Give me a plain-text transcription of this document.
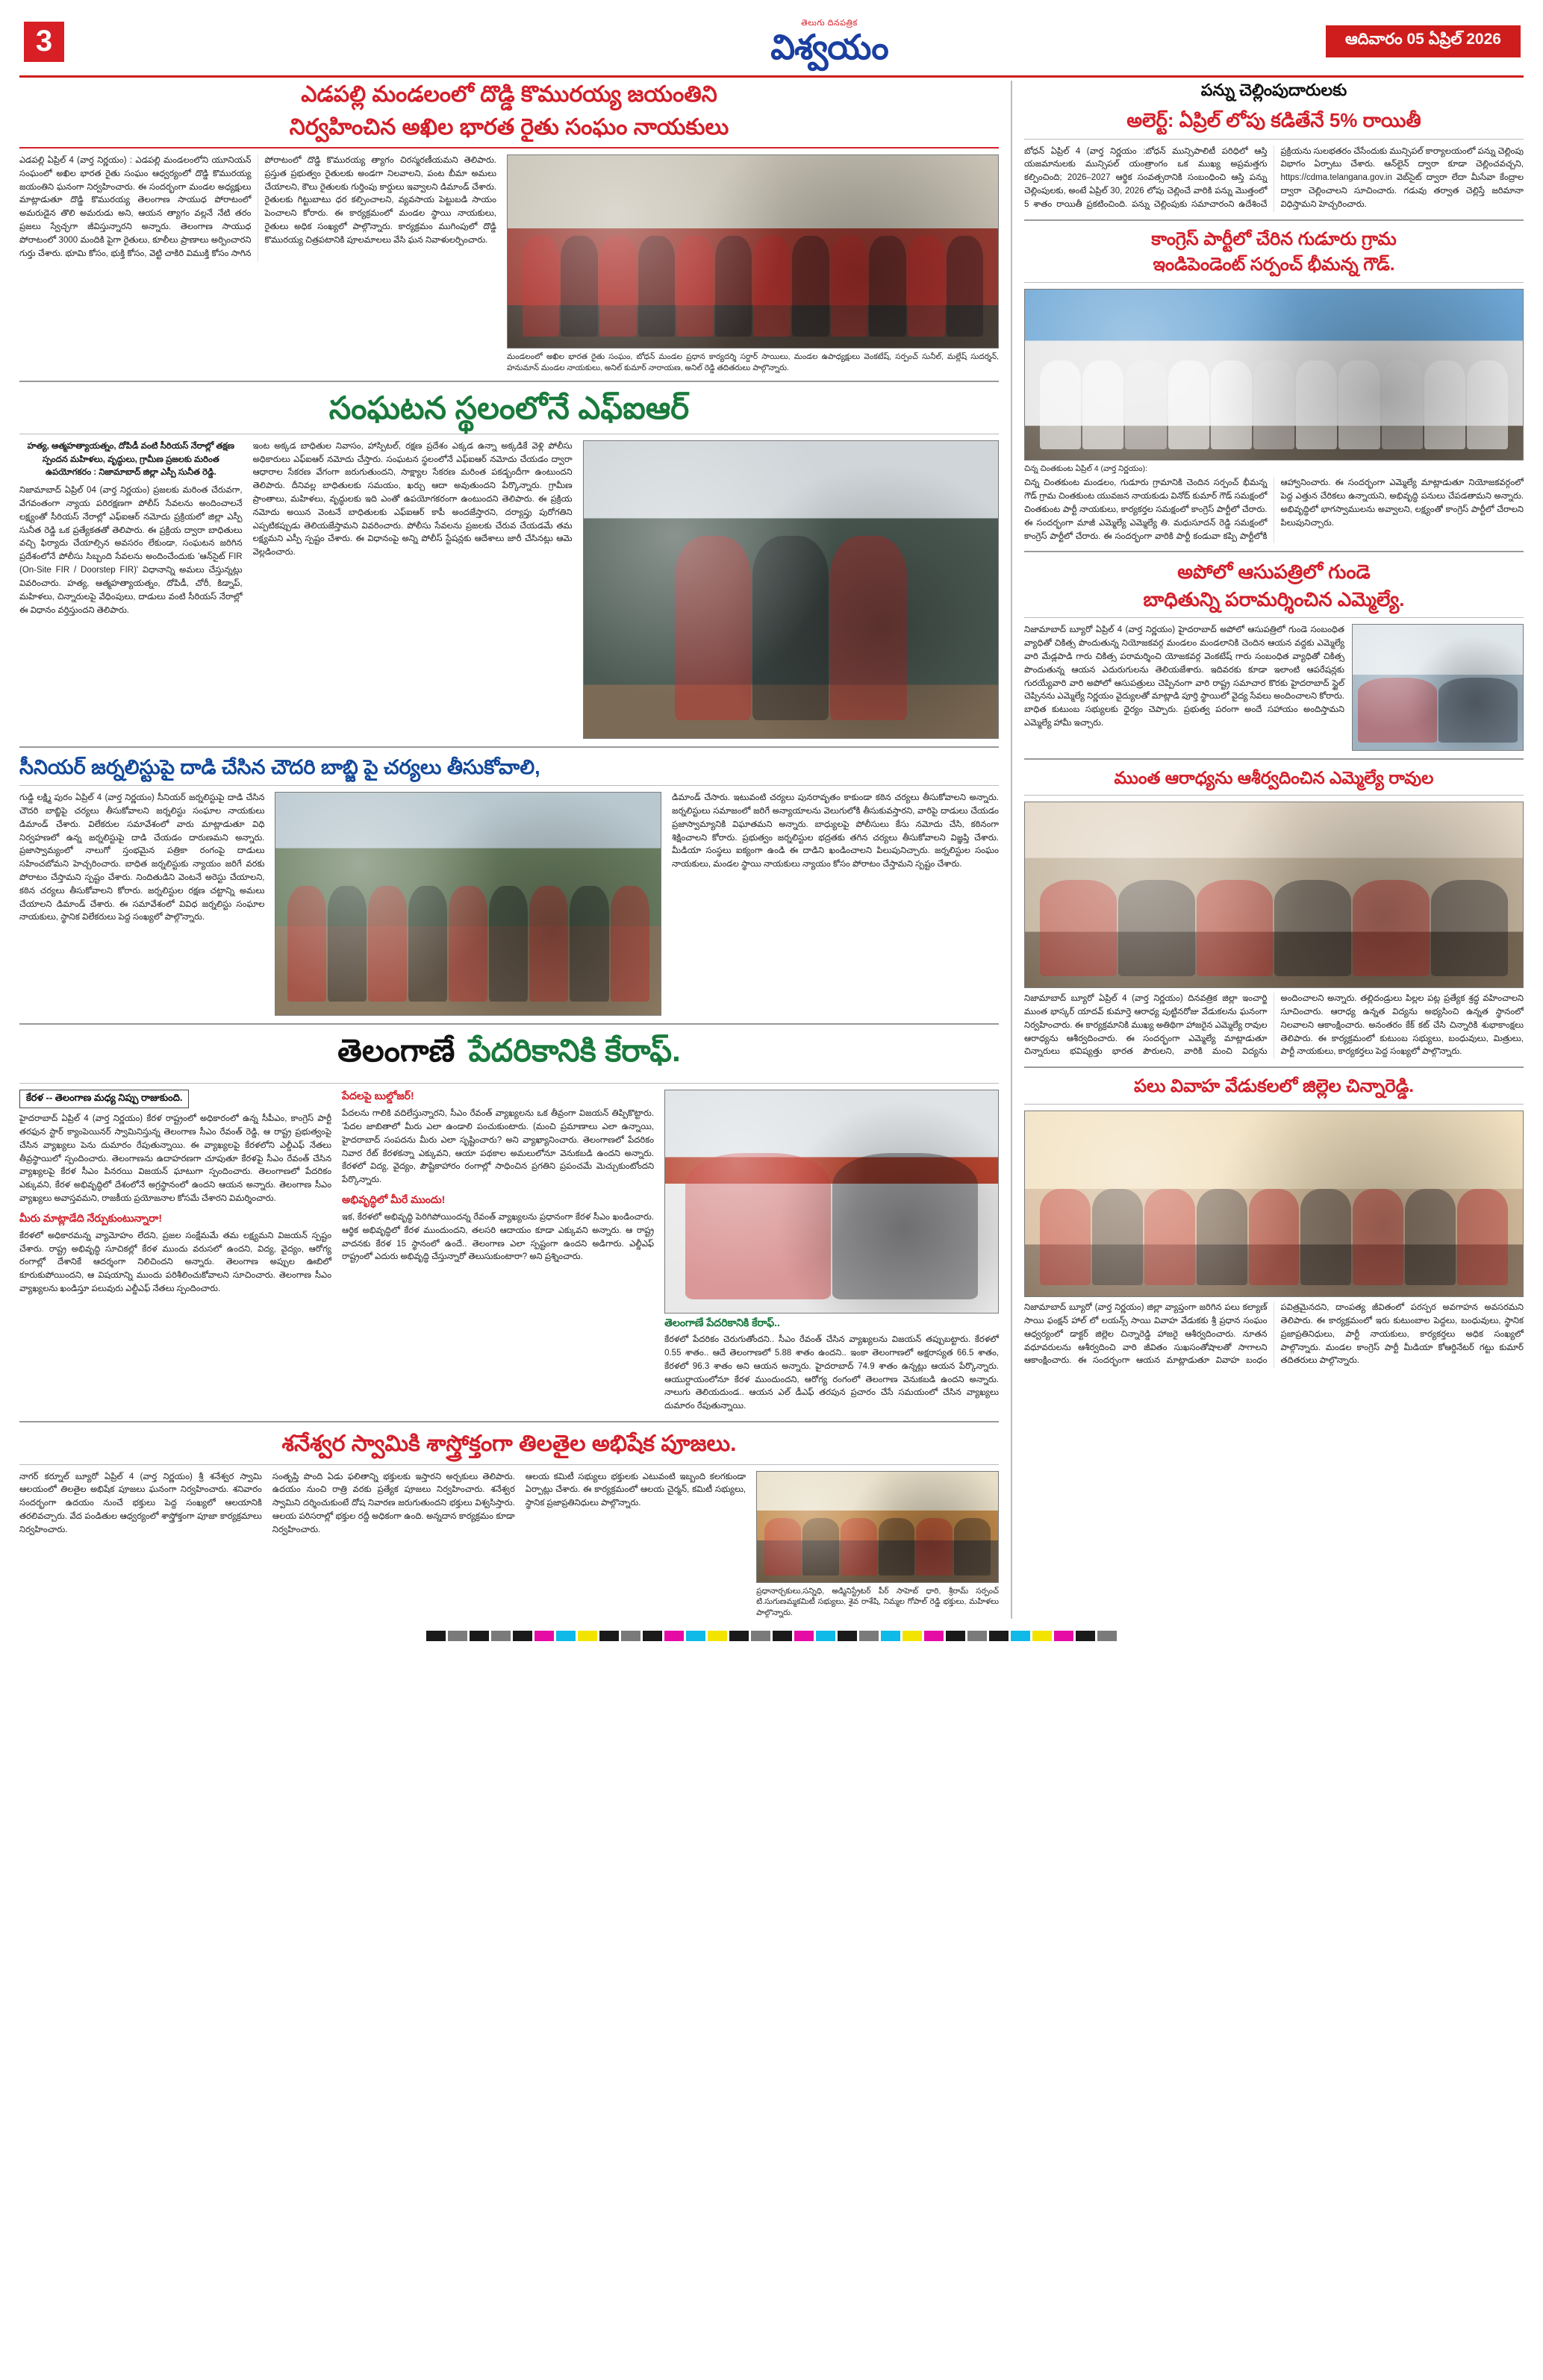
3
తెలుగు దినపత్రిక
విశ్వయం	ఆదివారం 05 ఏప్రిల్ 2026
ఎడపల్లి మండలంలో దొడ్డి కొమురయ్య జయంతిని
నిర్వహించిన అఖిల భారత రైతు సంఘం నాయకులు
ఎడపల్లి ఏప్రిల్ 4 (వార్త నిర్ణయం) : ఎడపల్లి మండలంలోని యూనియన్ సంఘంలో అఖిల భారత రైతు సంఘం ఆధ్వర్యంలో దొడ్డి కొమురయ్య జయంతిని ఘనంగా నిర్వహించారు. ఈ సందర్భంగా మండల అధ్యక్షులు మాట్లాడుతూ దొడ్డి కొమురయ్య తెలంగాణ సాయుధ పోరాటంలో అమరుడైన తొలి అమరుడు అని, ఆయన త్యాగం వల్లనే నేటి తరం ప్రజలు స్వేచ్ఛగా జీవిస్తున్నారని అన్నారు. తెలంగాణ సాయుధ పోరాటంలో 3000 మందికి పైగా రైతులు, కూలీలు ప్రాణాలు అర్పించారని గుర్తు చేశారు. భూమి కోసం, భుక్తి కోసం, వెట్టి చాకిరి విముక్తి కోసం సాగిన పోరాటంలో దొడ్డి కొమురయ్య త్యాగం చిరస్మరణీయమని తెలిపారు. ప్రస్తుత ప్రభుత్వం రైతులకు అండగా నిలవాలని, పంట బీమా అమలు చేయాలని, కౌలు రైతులకు గుర్తింపు కార్డులు ఇవ్వాలని డిమాండ్ చేశారు. రైతులకు గిట్టుబాటు ధర కల్పించాలని, వ్యవసాయ పెట్టుబడి సాయం పెంచాలని కోరారు. ఈ కార్యక్రమంలో మండల స్థాయి నాయకులు, రైతులు అధిక సంఖ్యలో పాల్గొన్నారు. కార్యక్రమం ముగింపులో దొడ్డి కొమురయ్య చిత్రపటానికి పూలమాలలు వేసి ఘన నివాళులర్పించారు.
మండలంలో అఖిల భారత రైతు సంఘం, బోధన్ మండల ప్రధాన కార్యదర్శి సర్దార్ సాయిలు, మండల ఉపాధ్యక్షులు వెంకటేష్, సర్పంచ్ సునీల్, మల్లేష్ సుదర్శన్, హనుమాన్ మండల నాయకులు, అనిల్ కుమార్ నారాయణ, అనిల్ రెడ్డి తదితరులు పాల్గొన్నారు.
సంఘటన స్థలంలోనే ఎఫ్ఐఆర్
హత్య, ఆత్మహత్యాయత్నం, దోపిడీ వంటి సీరియస్ నేరాల్లో తక్షణ స్పందన మహిళలు, వృద్ధులు, గ్రామీణ ప్రజలకు మరింత ఉపయోగకరం : నిజామాబాద్ జిల్లా ఎస్పీ సునీత రెడ్డి.
నిజామాబాద్ ఏప్రిల్ 04 (వార్త నిర్ణయం) ప్రజలకు మరింత చేరువగా, వేగవంతంగా న్యాయ పరిరక్షణగా పోలీస్ సేవలను అందించాలనే లక్ష్యంతో సీరియస్ నేరాల్లో ఎఫ్ఐఆర్ నమోదు ప్రక్రియలో జిల్లా ఎస్పీ సునీత రెడ్డి ఒక ప్రత్యేకతతో తెలిపారు. ఈ ప్రక్రియ ద్వారా బాధితులు వచ్చి ఫిర్యాదు చేయాల్సిన అవసరం లేకుండా, సంఘటన జరిగిన ప్రదేశంలోనే పోలీసు సిబ్బంది సేవలను అందించేందుకు 'ఆన్‌సైట్ FIR (On-Site FIR / Doorstep FIR)' విధానాన్ని అమలు చేస్తున్నట్లు వివరించారు. హత్య, ఆత్మహత్యాయత్నం, దోపిడీ, చోరీ, కిడ్నాప్, మహిళలు, చిన్నారులపై వేధింపులు, దాడులు వంటి సీరియస్ నేరాల్లో ఈ విధానం వర్తిస్తుందని తెలిపారు.
ఇంట అక్కడ బాధితుల నివాసం, హాస్పిటల్, రక్షణ ప్రదేశం ఎక్కడ ఉన్నా అక్కడికే వెళ్లి పోలీసు అధికారులు ఎఫ్ఐఆర్ నమోదు చేస్తారు. సంఘటన స్థలంలోనే ఎఫ్ఐఆర్ నమోదు చేయడం ద్వారా ఆధారాల సేకరణ వేగంగా జరుగుతుందని, సాక్ష్యాల సేకరణ మరింత పకడ్బందీగా ఉంటుందని తెలిపారు. దీనివల్ల బాధితులకు సమయం, ఖర్చు ఆదా అవుతుందని పేర్కొన్నారు. గ్రామీణ ప్రాంతాలు, మహిళలు, వృద్ధులకు ఇది ఎంతో ఉపయోగకరంగా ఉంటుందని తెలిపారు. ఈ ప్రక్రియ నమోదు అయిన వెంటనే బాధితులకు ఎఫ్ఐఆర్ కాపీ అందజేస్తారని, దర్యాప్తు పురోగతిని ఎప్పటికప్పుడు తెలియజేస్తామని వివరించారు. పోలీసు సేవలను ప్రజలకు చేరువ చేయడమే తమ లక్ష్యమని ఎస్పీ స్పష్టం చేశారు. ఈ విధానంపై అన్ని పోలీస్ స్టేషన్లకు ఆదేశాలు జారీ చేసినట్లు ఆమె వెల్లడించారు.
సీనియర్ జర్నలిస్టుపై దాడి చేసిన చౌదరి బాబ్జి పై చర్యలు తీసుకోవాలి,
గుడ్డి లక్ష్మి పురం ఏప్రిల్ 4 (వార్త నిర్ణయం) సీనియర్ జర్నలిస్టుపై దాడి చేసిన చౌదరి బాబ్జిపై చర్యలు తీసుకోవాలని జర్నలిస్టు సంఘాల నాయకులు డిమాండ్ చేశారు. విలేకరుల సమావేశంలో వారు మాట్లాడుతూ విధి నిర్వహణలో ఉన్న జర్నలిస్టుపై దాడి చేయడం దారుణమని అన్నారు. ప్రజాస్వామ్యంలో నాలుగో స్తంభమైన పత్రికా రంగంపై దాడులు సహించబోమని హెచ్చరించారు. బాధిత జర్నలిస్టుకు న్యాయం జరిగే వరకు పోరాటం చేస్తామని స్పష్టం చేశారు. నిందితుడిని వెంటనే అరెస్టు చేయాలని, కఠిన చర్యలు తీసుకోవాలని కోరారు. జర్నలిస్టుల రక్షణ చట్టాన్ని అమలు చేయాలని డిమాండ్ చేశారు. ఈ సమావేశంలో వివిధ జర్నలిస్టు సంఘాల నాయకులు, స్థానిక విలేకరులు పెద్ద సంఖ్యలో పాల్గొన్నారు.
డిమాండ్ చేసారు. ఇటువంటి చర్యలు పునరావృతం కాకుండా కఠిన చర్యలు తీసుకోవాలని అన్నారు. జర్నలిస్టులు సమాజంలో జరిగే అన్యాయాలను వెలుగులోకి తీసుకువస్తారని, వారిపై దాడులు చేయడం ప్రజాస్వామ్యానికి విఘాతమని అన్నారు. బాధ్యులపై పోలీసులు కేసు నమోదు చేసి, కఠినంగా శిక్షించాలని కోరారు. ప్రభుత్వం జర్నలిస్టుల భద్రతకు తగిన చర్యలు తీసుకోవాలని విజ్ఞప్తి చేశారు. మీడియా సంస్థలు ఐక్యంగా ఉండి ఈ దాడిని ఖండించాలని పిలుపునిచ్చారు. జర్నలిస్టుల సంఘం నాయకులు, మండల స్థాయి నాయకులు న్యాయం కోసం పోరాటం చేస్తామని స్పష్టం చేశారు.
తెలంగాణే పేదరికానికి కేరాఫ్.
కేరళ -- తెలంగాణ మధ్య నిప్పు రాజుకుంది.
హైదరాబాద్ ఏప్రిల్ 4 (వార్త నిర్ణయం) కేరళ రాష్ట్రంలో అధికారంలో ఉన్న సీపీఎం, కాంగ్రెస్ పార్టీ తరఫున స్టార్ క్యాంపెయినర్ స్వామినిస్తున్న తెలంగాణ సీఎం రేవంత్ రెడ్డి, ఆ రాష్ట్ర ప్రభుత్వంపై చేసిన వ్యాఖ్యలు పెను దుమారం రేపుతున్నాయి. ఈ వ్యాఖ్యలపై కేరళలోని ఎల్డీఎఫ్ నేతలు తీవ్రస్థాయిలో స్పందించారు. తెలంగాణను ఉదాహరణగా చూపుతూ కేరళపై సీఎం రేవంత్ చేసిన వ్యాఖ్యలపై కేరళ సీఎం పినరయి విజయన్ ఘాటుగా స్పందించారు. తెలంగాణలో పేదరికం ఎక్కువని, కేరళ అభివృద్ధిలో దేశంలోనే అగ్రస్థానంలో ఉందని ఆయన అన్నారు. తెలంగాణ సీఎం వ్యాఖ్యలు అవాస్తవమని, రాజకీయ ప్రయోజనాల కోసమే చేశారని విమర్శించారు.
మీరు మాట్లాడేది నేర్పుకుంటున్నారా!
కేరళలో అధికారమన్న వ్యామోహం లేదని, ప్రజల సంక్షేమమే తమ లక్ష్యమని విజయన్ స్పష్టం చేశారు. రాష్ట్ర అభివృద్ధి సూచికల్లో కేరళ ముందు వరుసలో ఉందని, విద్య, వైద్యం, ఆరోగ్య రంగాల్లో దేశానికే ఆదర్శంగా నిలిచిందని అన్నారు. తెలంగాణ అప్పుల ఊబిలో కూరుకుపోయిందని, ఆ విషయాన్ని ముందు పరిశీలించుకోవాలని సూచించారు. తెలంగాణ సీఎం వ్యాఖ్యలను ఖండిస్తూ పలువురు ఎల్డీఎఫ్ నేతలు స్పందించారు.
పేదలపై బుల్డోజర్!
పేదలను గాలికి వదిలేస్తున్నారని, సీఎం రేవంత్ వ్యాఖ్యలను ఒక తీవ్రంగా విజయన్ తిప్పికొట్టారు. 'పేదల జాబితాలో మీరు ఎలా ఉండాలి పంచుకుంటారు. (మంచి ప్రమాణాలు ఎలా ఉన్నాయి, హైదరాబాద్ సంపదను మీరు ఎలా సృష్టించారు? అని వ్యాఖ్యానించారు. తెలంగాణలో పేదరికం నివార రేట్ కేరళకన్నా ఎక్కువని, ఆయా పథకాల అమలులోనూ వెనుకబడి ఉందని అన్నారు. కేరళలో విద్య, వైద్యం, పౌష్టికాహారం రంగాల్లో సాధించిన ప్రగతిని ప్రపంచమే మెచ్చుకుంటోందని పేర్కొన్నారు.
అభివృద్ధిలో మీరే ముందు!
ఇక, కేరళలో అభివృద్ధి పెరిగిపోయిందన్న రేవంత్ వ్యాఖ్యలను ప్రధానంగా కేరళ సీఎం ఖండించారు. ఆర్థిక అభివృద్ధిలో కేరళ ముందుందని, తలసరి ఆదాయం కూడా ఎక్కువని అన్నారు. ఆ రాష్ట్ర వాదనకు కేరళ 15 స్థానంలో ఉందే.. తెలంగాణ ఎలా స్పష్టంగా ఉందని అడిగారు. ఎల్డీఎఫ్ రాష్ట్రంలో ఎదురు అభివృద్ధి చేస్తున్నారో తెలుసుకుంటారా? అని ప్రశ్నించారు.
తెలంగాణే పేదరికానికి కేరాఫ్..
కేరళలో పేదరికం చెరుగుతోందని.. సీఎం రేవంత్ చేసిన వ్యాఖ్యలను విజయన్ తప్పుబట్టారు. కేరళలో 0.55 శాతం.. ఆదే తెలంగాణలో 5.88 శాతం ఉందని.. ఇంకా తెలంగాణలో అక్షరాస్యత 66.5 శాతం, కేరళలో 96.3 శాతం అని ఆయన అన్నారు. హైదరాబాద్ 74.9 శాతం ఉన్నట్లు ఆయన పేర్కొన్నారు. ఆయుర్దాయంలోనూ కేరళ ముందుందని, ఆరోగ్య రంగంలో తెలంగాణ వెనుకబడి ఉందని అన్నారు. నాలుగు తెలియదుండ.. ఆయన ఎల్ డీఎఫ్ తరపున ప్రచారం చేసే సమయంలో చేసిన వ్యాఖ్యలు దుమారం రేపుతున్నాయి.
శనేశ్వర స్వామికి శాస్త్రోక్తంగా తిలతైల అభిషేక పూజలు.
నాగర్ కర్నూల్ బ్యూరో ఏప్రిల్ 4 (వార్త నిర్ణయం) శ్రీ శనేశ్వర స్వామి ఆలయంలో తిలతైల అభిషేక పూజలు ఘనంగా నిర్వహించారు. శనివారం సందర్భంగా ఉదయం నుంచే భక్తులు పెద్ద సంఖ్యలో ఆలయానికి తరలివచ్చారు. వేద పండితుల ఆధ్వర్యంలో శాస్త్రోక్తంగా పూజా కార్యక్రమాలు నిర్వహించారు.
సంతృప్తి పొంది ఏడు ఫలితాన్ని భక్తులకు ఇస్తారని అర్చకులు తెలిపారు. ఉదయం నుంచి రాత్రి వరకు ప్రత్యేక పూజలు నిర్వహించారు. శనేశ్వర స్వామిని దర్శించుకుంటే దోష నివారణ జరుగుతుందని భక్తులు విశ్వసిస్తారు. ఆలయ పరిసరాల్లో భక్తుల రద్దీ అధికంగా ఉంది. అన్నదాన కార్యక్రమం కూడా నిర్వహించారు.
ఆలయ కమిటీ సభ్యులు భక్తులకు ఎటువంటి ఇబ్బంది కలగకుండా ఏర్పాట్లు చేశారు. ఈ కార్యక్రమంలో ఆలయ చైర్మన్, కమిటీ సభ్యులు, స్థానిక ప్రజాప్రతినిధులు పాల్గొన్నారు.
ప్రధానార్చకులు,సన్నిధి, అడ్మినిస్ట్రేటర్ పీర్ సాహెబ్ ధారి, శ్రీరామ్ సర్పంచ్ టి.సుగుణమ్మకమిటీ సభ్యులు, శైవ రాశేషి, నిమ్మల గోపాల్ రెడ్డి భక్తులు, మహిళలు పాల్గొన్నారు.
పన్ను చెల్లింపుదారులకు
అలెర్ట్: ఏప్రిల్ లోపు కడితేనే 5% రాయితీ
బోధన్ ఏప్రిల్ 4 (వార్త నిర్ణయం :బోధన్ మున్సిపాలిటీ పరిధిలో ఆస్తి యజమానులకు మున్సిపల్ యంత్రాంగం ఒక ముఖ్య అప్రమత్తగు కల్పించింది; 2026–2027 ఆర్థిక సంవత్సరానికి సంబంధించి ఆస్తి పన్ను చెల్లింపులకు, అంటే ఏప్రిల్ 30, 2026 లోపు చెల్లించే వారికి పన్ను మొత్తంలో 5 శాతం రాయితీ ప్రకటించింది. పన్ను చెల్లింపుకు సమాచారంని ఉదేశించే ప్రక్రియను సులభతరం చేసేందుకు మున్సిపల్ కార్యాలయంలో పన్ను చెల్లింపు విభాగం ఏర్పాటు చేశారు. ఆన్‌లైన్ ద్వారా కూడా చెల్లించవచ్చని, https://cdma.telangana.gov.in వెబ్‌సైట్ ద్వారా లేదా మీసేవా కేంద్రాల ద్వారా చెల్లించాలని సూచించారు. గడువు తర్వాత చెల్లిస్తే జరిమానా విధిస్తామని హెచ్చరించారు.
కాంగ్రెస్ పార్టీలో చేరిన గుడూరు గ్రామ
ఇండిపెండెంట్ సర్పంచ్ భీమన్న గౌడ్.
చిన్న చింతకుంట ఏప్రిల్ 4 (వార్త నిర్ణయం):
చిన్న చింతకుంట మండలం, గుడూరు గ్రామానికి చెందిన సర్పంచ్ భీమన్న గౌడ్ గ్రామ చింతకుంట యువజన నాయకుడు వినోద్ కుమార్ గౌడ్ సమక్షంలో చింతకుంట పార్టీ నాయకులు, కార్యకర్తల సమక్షంలో కాంగ్రెస్ పార్టీలో చేరారు. ఈ సందర్భంగా మాజీ ఎమ్మెల్యే ఎమ్మెల్యే తి. మధుసూదన్ రెడ్డి సమక్షంలో కాంగ్రెస్ పార్టీలో చేరారు. ఈ సందర్భంగా వారికి పార్టీ కండువా కప్పి పార్టీలోకి ఆహ్వానించారు. ఈ సందర్భంగా ఎమ్మెల్యే మాట్లాడుతూ నియోజకవర్గంలో పెద్ద ఎత్తున చేరికలు ఉన్నాయని, అభివృద్ధి పనులు చేపడతామని అన్నారు. అభివృద్ధిలో భాగస్వాములను అవ్వాలని, లక్ష్యంతో కాంగ్రెస్ పార్టీలో చేరాలని పిలుపునిచ్చారు.
అపోలో ఆసుపత్రిలో గుండె
బాధితున్ని పరామర్శించిన ఎమ్మెల్యే.
నిజామాబాద్ బ్యూరో ఏప్రిల్ 4 (వార్త నిర్ణయం) హైదరాబాద్ అపోలో ఆసుపత్రిలో గుండె సంబంధిత వ్యాధితో చికిత్స పొందుతున్న నియోజకవర్గ మండలం మండలానికి చెందిన ఆయన వద్దకు ఎమ్మెల్యే వారి మేడ్లపాడి గారు చికిత్స పరామర్శించి యోజకవర్గ వెంకటేష్ గారు సంబంధిత వ్యాధితో చికిత్స పొందుతున్న ఆయన ఎదురుగులను తెలియజేశారు. ఇదివరకు కూడా ఇలాంటి ఆపరేషన్లకు గురయ్యేవారి వారి అపోలో ఆసుపత్రులు చెప్పినంగా వారి రాష్ట్ర సమాచార కొరకు హైదరాబాద్ స్టైల్ చెప్పినను ఎమ్మెల్యే నిర్ణయం వైద్యులతో మాట్లాడి పూర్తి స్థాయిలో వైద్య సేవలు అందించాలని కోరారు. బాధిత కుటుంబ సభ్యులకు ధైర్యం చెప్పారు. ప్రభుత్వ పరంగా అందే సహాయం అందిస్తామని ఎమ్మెల్యే హామీ ఇచ్చారు.
ముంత ఆరాధ్యను ఆశీర్వదించిన ఎమ్మెల్యే రావుల
నిజామాబాద్ బ్యూరో ఏప్రిల్ 4 (వార్త నిర్ణయం) దినవత్రిక జిల్లా ఇంచార్జి ముంత భాస్కర్ యాదవ్ కుమార్తె ఆరాధ్య పుట్టినరోజు వేడుకలను ఘనంగా నిర్వహించారు. ఈ కార్యక్రమానికి ముఖ్య అతిథిగా హాజరైన ఎమ్మెల్యే రావుల ఆరాధ్యను ఆశీర్వదించారు. ఈ సందర్భంగా ఎమ్మెల్యే మాట్లాడుతూ చిన్నారులు భవిష్యత్తు భారత పౌరులని, వారికి మంచి విద్యను అందించాలని అన్నారు. తల్లిదండ్రులు పిల్లల పట్ల ప్రత్యేక శ్రద్ధ వహించాలని సూచించారు. ఆరాధ్య ఉన్నత విద్యను అభ్యసించి ఉన్నత స్థానంలో నిలవాలని ఆకాంక్షించారు. అనంతరం కేక్ కట్ చేసి చిన్నారికి శుభాకాంక్షలు తెలిపారు. ఈ కార్యక్రమంలో కుటుంబ సభ్యులు, బంధువులు, మిత్రులు, పార్టీ నాయకులు, కార్యకర్తలు పెద్ద సంఖ్యలో పాల్గొన్నారు.
పలు వివాహ వేడుకలలో జిల్లెల చిన్నారెడ్డి.
నిజామాబాద్ బ్యూరో (వార్త నిర్ణయం) జిల్లా వ్యాప్తంగా జరిగిన పలు కల్యాణ్ సాయి ఫంక్షన్ హాల్ లో లయన్స్ సాయి వివాహ వేడుకకు శ్రీ ప్రధాన సంఘం ఆధ్వర్యంలో డాక్టర్ జిల్లెల చిన్నారెడ్డి హాజరై ఆశీర్వదించారు. నూతన వధూవరులను ఆశీర్వదించి వారి జీవితం సుఖసంతోషాలతో సాగాలని ఆకాంక్షించారు. ఈ సందర్భంగా ఆయన మాట్లాడుతూ వివాహ బంధం పవిత్రమైనదని, దాంపత్య జీవితంలో పరస్పర అవగాహన అవసరమని తెలిపారు. ఈ కార్యక్రమంలో ఇరు కుటుంబాల పెద్దలు, బంధువులు, స్థానిక ప్రజాప్రతినిధులు, పార్టీ నాయకులు, కార్యకర్తలు అధిక సంఖ్యలో పాల్గొన్నారు. మండల కాంగ్రెస్ పార్టీ మీడియా కోఆర్డినేటర్ గట్టు కుమార్ తదితరులు పాల్గొన్నారు.
